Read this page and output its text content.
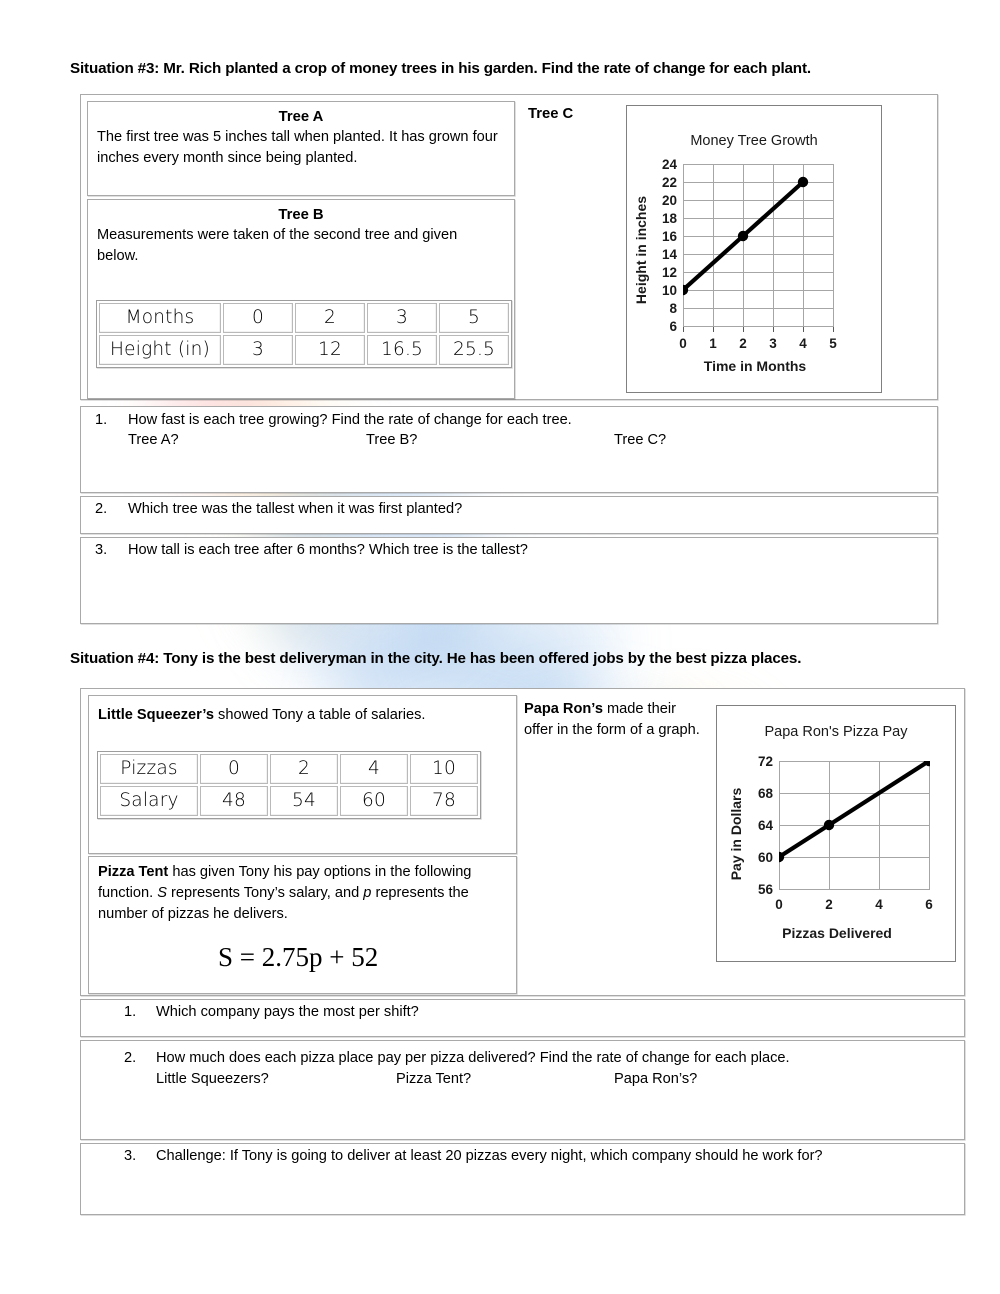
Situation #3: Mr. Rich planted a crop of money trees in his garden. Find the rate of change for each plant.
Tree A
The first tree was 5 inches tall when planted. It has grown four inches every month since being planted.
Tree B
Measurements were taken of the second tree and given below.
Months	0	2	3	5
Height (in)	3	12	16.5	25.5
Tree C
Money Tree Growth
Height in inches
24
22
20
18
16
14
12
10
8
6
0	1	2	3	4	5
Time in Months
1. How fast is each tree growing? Find the rate of change for each tree.
Tree A?	Tree B?	Tree C?
2. Which tree was the tallest when it was first planted?
3. How tall is each tree after 6 months? Which tree is the tallest?
Situation #4: Tony is the best deliveryman in the city. He has been offered jobs by the best pizza places.
Little Squeezer’s showed Tony a table of salaries.
Pizzas	0	2	4	10
Salary	48	54	60	78
Pizza Tent has given Tony his pay options in the following function. S represents Tony’s salary, and p represents the number of pizzas he delivers.
S = 2.75p + 52
Papa Ron’s made their offer in the form of a graph.	Papa Ron's Pizza Pay
Pay in Dollars
72
68
64
60
56
0	2	4	6
Pizzas Delivered
1. Which company pays the most per shift?
2. How much does each pizza place pay per pizza delivered? Find the rate of change for each place.
Little Squeezers?	Pizza Tent?	Papa Ron’s?
3. Challenge: If Tony is going to deliver at least 20 pizzas every night, which company should he work for?
